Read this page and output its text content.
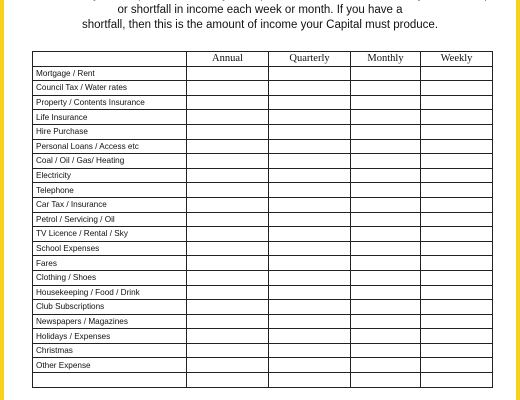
or shortfall in income each week or month. If you have a
shortfall, then this is the amount of income your Capital must produce.
	Annual	Quarterly	Monthly	Weekly
Mortgage / Rent				
Council Tax / Water rates				
Property / Contents Insurance				
Life Insurance				
Hire Purchase				
Personal Loans / Access etc				
Coal / Oil / Gas/ Heating				
Electricity				
Telephone				
Car Tax / Insurance				
Petrol / Servicing / Oil				
TV Licence / Rental / Sky				
School Expenses				
Fares				
Clothing / Shoes				
Housekeeping / Food / Drink				
Club Subscriptions				
Newspapers / Magazines				
Holidays / Expenses				
Christmas				
Other Expense				
